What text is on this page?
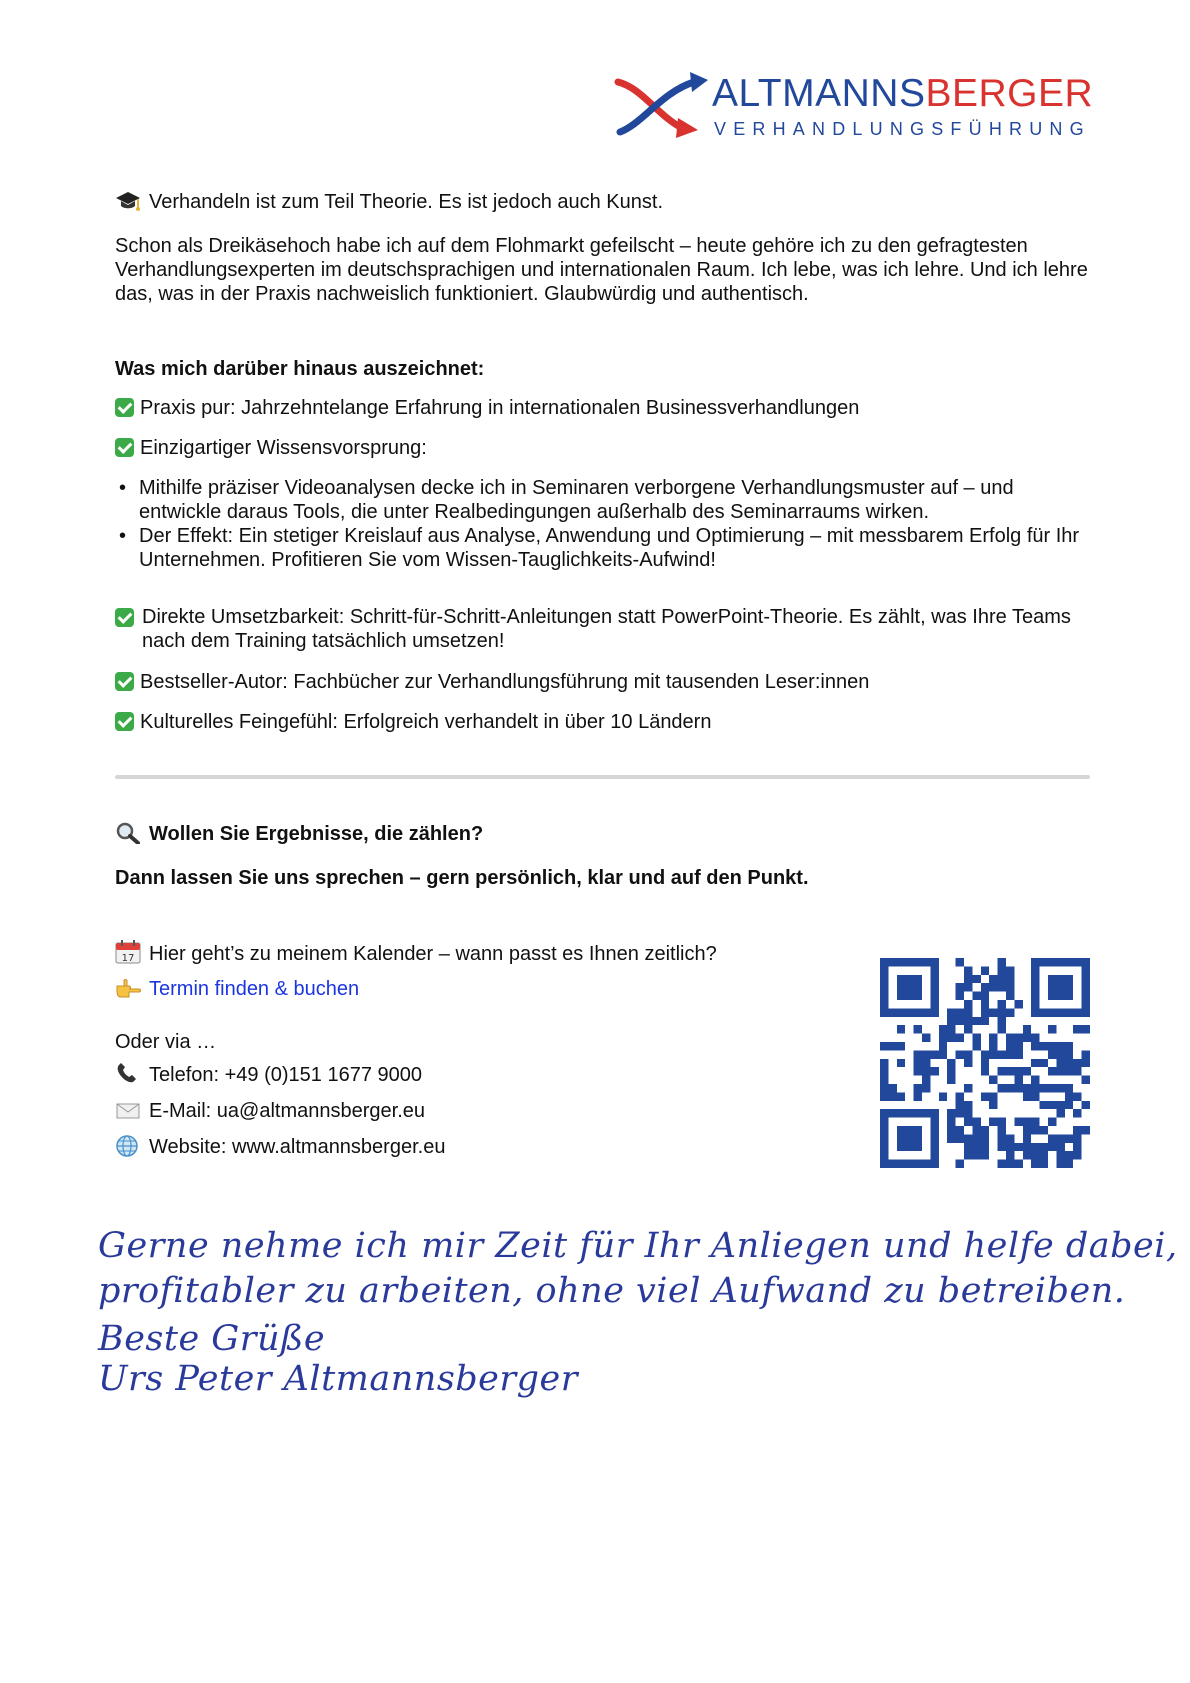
ALTMANNSBERGER
VERHANDLUNGSFÜHRUNG
Verhandeln ist zum Teil Theorie. Es ist jedoch auch Kunst.
Schon als Dreikäsehoch habe ich auf dem Flohmarkt gefeilscht – heute gehöre ich zu den gefragtesten Verhandlungsexperten im deutschsprachigen und internationalen Raum. Ich lebe, was ich lehre. Und ich lehre das, was in der Praxis nachweislich funktioniert. Glaubwürdig und authentisch.
Was mich darüber hinaus auszeichnet:
Praxis pur: Jahrzehntelange Erfahrung in internationalen Businessverhandlungen
Einzigartiger Wissensvorsprung:
• Mithilfe präziser Videoanalysen decke ich in Seminaren verborgene Verhandlungsmuster auf – und entwickle daraus Tools, die unter Realbedingungen außerhalb des Seminarraums wirken.
• Der Effekt: Ein stetiger Kreislauf aus Analyse, Anwendung und Optimierung – mit messbarem Erfolg für Ihr Unternehmen. Profitieren Sie vom Wissen-Tauglichkeits-Aufwind!
Direkte Umsetzbarkeit: Schritt-für-Schritt-Anleitungen statt PowerPoint-Theorie. Es zählt, was Ihre Teams nach dem Training tatsächlich umsetzen!
Bestseller-Autor: Fachbücher zur Verhandlungsführung mit tausenden Leser:innen
Kulturelles Feingefühl: Erfolgreich verhandelt in über 10 Ländern
Wollen Sie Ergebnisse, die zählen?
Dann lassen Sie uns sprechen – gern persönlich, klar und auf den Punkt.
17 Hier geht’s zu meinem Kalender – wann passt es Ihnen zeitlich?
Termin finden & buchen
Oder via …
Telefon: +49 (0)151 1677 9000
E-Mail: ua@altmannsberger.eu
Website: www.altmannsberger.eu
Gerne nehme ich mir Zeit für Ihr Anliegen und helfe dabei,
profitabler zu arbeiten, ohne viel Aufwand zu betreiben.
Beste Grüße
Urs Peter Altmannsberger
